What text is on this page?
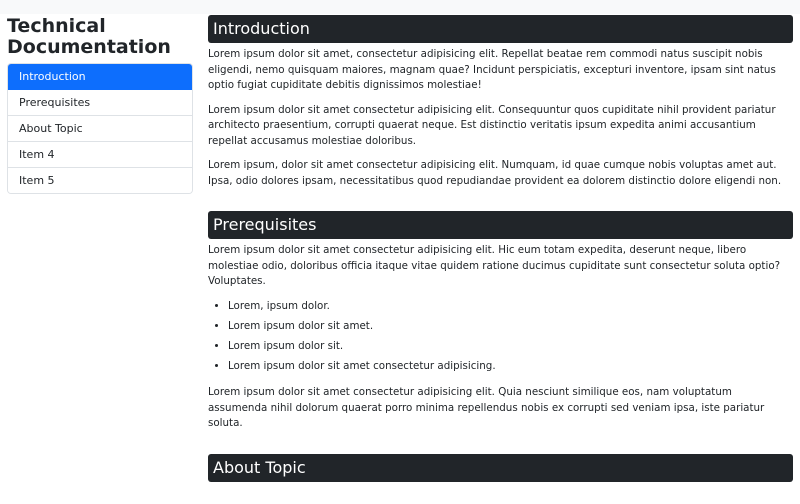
Technical Documentation
Introduction
Prerequisites
About Topic
Item 4
Item 5
Introduction

Lorem ipsum dolor sit amet, consectetur adipisicing elit. Repellat beatae rem commodi natus suscipit nobis eligendi, nemo quisquam maiores, magnam quae? Incidunt perspiciatis, excepturi inventore, ipsam sint natus optio fugiat cupiditate debitis dignissimos molestiae!

Lorem ipsum dolor sit amet consectetur adipisicing elit. Consequuntur quos cupiditate nihil provident pariatur architecto praesentium, corrupti quaerat neque. Est distinctio veritatis ipsum expedita animi accusantium repellat accusamus molestiae doloribus.

Lorem ipsum, dolor sit amet consectetur adipisicing elit. Numquam, id quae cumque nobis voluptas amet aut. Ipsa, odio dolores ipsam, necessitatibus quod repudiandae provident ea dolorem distinctio dolore eligendi non.

Prerequisites

Lorem ipsum dolor sit amet consectetur adipisicing elit. Hic eum totam expedita, deserunt neque, libero molestiae odio, doloribus officia itaque vitae quidem ratione ducimus cupiditate sunt consectetur soluta optio? Voluptates.

• Lorem, ipsum dolor.
• Lorem ipsum dolor sit amet.
• Lorem ipsum dolor sit.
• Lorem ipsum dolor sit amet consectetur adipisicing.

Lorem ipsum dolor sit amet consectetur adipisicing elit. Quia nesciunt similique eos, nam voluptatum assumenda nihil dolorum quaerat porro minima repellendus nobis ex corrupti sed veniam ipsa, iste pariatur soluta.

About Topic
